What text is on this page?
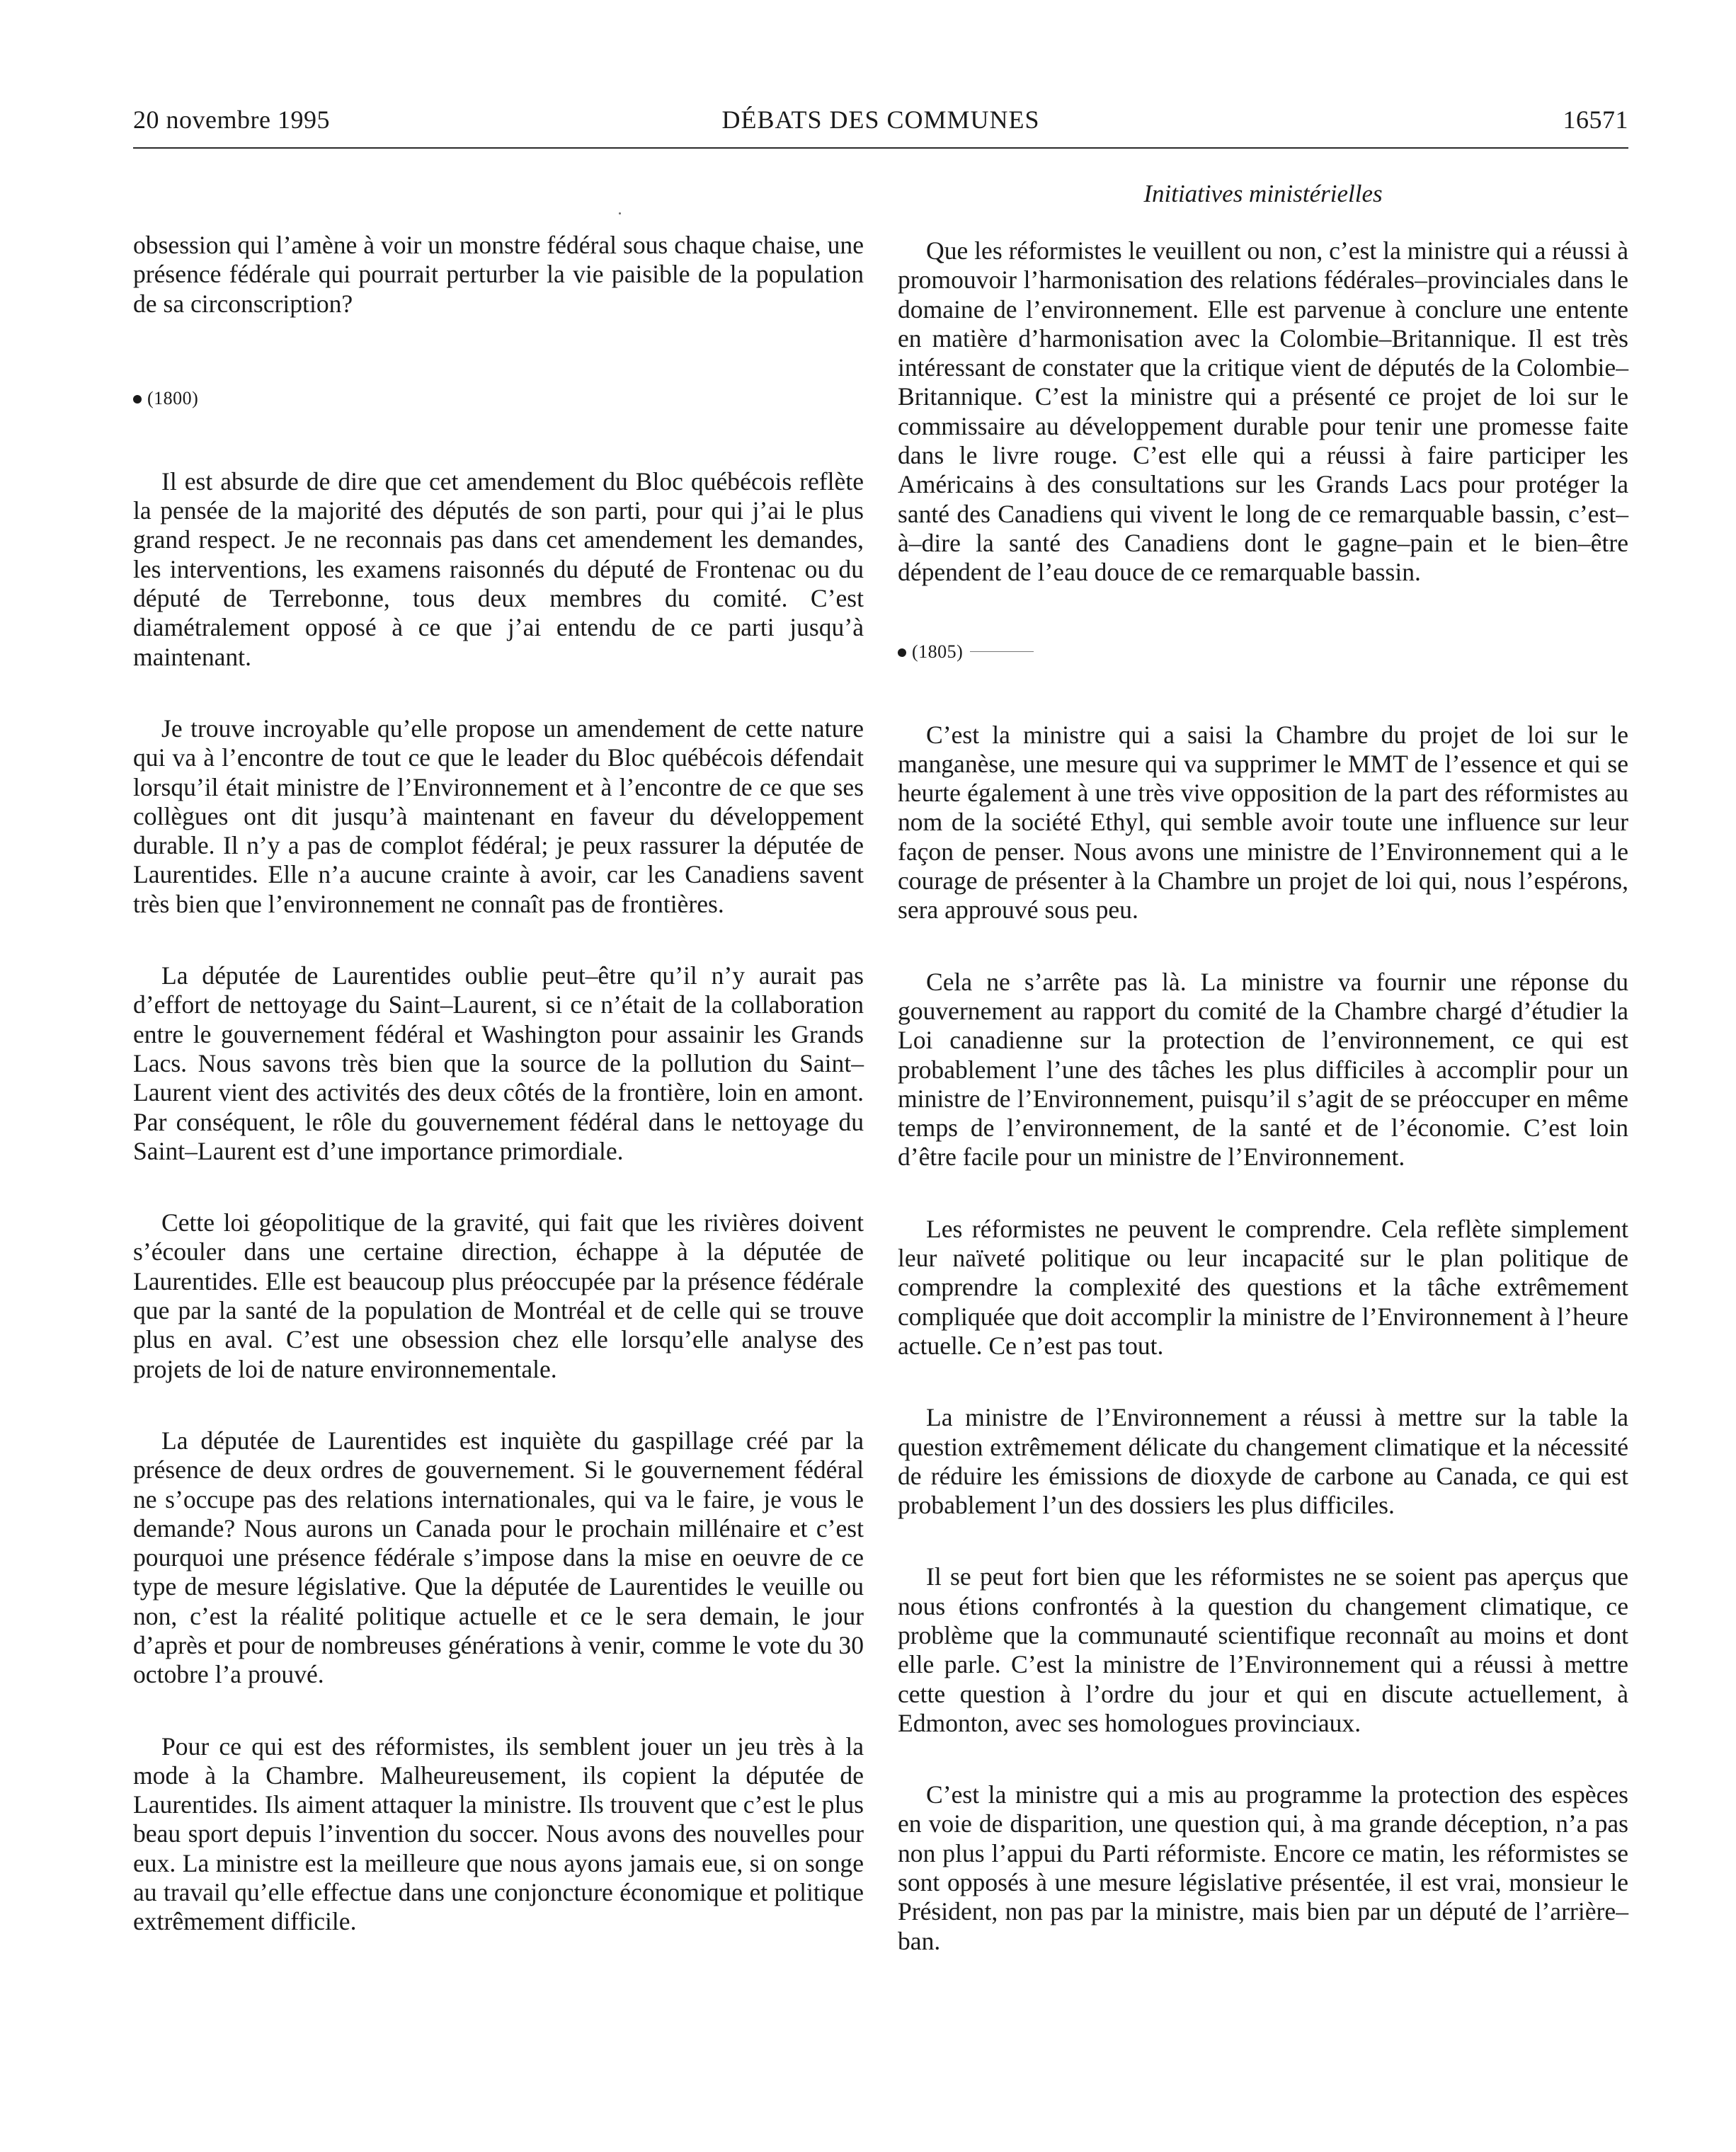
20 novembre 1995	DÉBATS DES COMMUNES	16571
Initiatives ministérielles

obsession qui l’amène à voir un monstre fédéral sous chaque chaise, une présence fédérale qui pourrait perturber la vie paisible de la population de sa circonscription?

(1800)

Il est absurde de dire que cet amendement du Bloc québécois reflète la pensée de la majorité des députés de son parti, pour qui j’ai le plus grand respect. Je ne reconnais pas dans cet amendement les demandes, les interventions, les examens raisonnés du député de Frontenac ou du député de Terrebonne, tous deux membres du comité. C’est diamétralement opposé à ce que j’ai entendu de ce parti jusqu’à maintenant.

Je trouve incroyable qu’elle propose un amendement de cette nature qui va à l’encontre de tout ce que le leader du Bloc québécois défendait lorsqu’il était ministre de l’Environnement et à l’encontre de ce que ses collègues ont dit jusqu’à maintenant en faveur du développement durable. Il n’y a pas de complot fédéral; je peux rassurer la députée de Laurentides. Elle n’a aucune crainte à avoir, car les Canadiens savent très bien que l’environnement ne connaît pas de frontières.

La députée de Laurentides oublie peut–être qu’il n’y aurait pas d’effort de nettoyage du Saint–Laurent, si ce n’était de la collaboration entre le gouvernement fédéral et Washington pour assainir les Grands Lacs. Nous savons très bien que la source de la pollution du Saint–Laurent vient des activités des deux côtés de la frontière, loin en amont. Par conséquent, le rôle du gouvernement fédéral dans le nettoyage du Saint–Laurent est d’une importance primordiale.

Cette loi géopolitique de la gravité, qui fait que les rivières doivent s’écouler dans une certaine direction, échappe à la députée de Laurentides. Elle est beaucoup plus préoccupée par la présence fédérale que par la santé de la population de Montréal et de celle qui se trouve plus en aval. C’est une obsession chez elle lorsqu’elle analyse des projets de loi de nature environnementale.

La députée de Laurentides est inquiète du gaspillage créé par la présence de deux ordres de gouvernement. Si le gouvernement fédéral ne s’occupe pas des relations internationales, qui va le faire, je vous le demande? Nous aurons un Canada pour le prochain millénaire et c’est pourquoi une présence fédérale s’impose dans la mise en oeuvre de ce type de mesure législative. Que la députée de Laurentides le veuille ou non, c’est la réalité politique actuelle et ce le sera demain, le jour d’après et pour de nombreuses générations à venir, comme le vote du 30 octobre l’a prouvé.

Pour ce qui est des réformistes, ils semblent jouer un jeu très à la mode à la Chambre. Malheureusement, ils copient la députée de Laurentides. Ils aiment attaquer la ministre. Ils trouvent que c’est le plus beau sport depuis l’invention du soccer. Nous avons des nouvelles pour eux. La ministre est la meilleure que nous ayons jamais eue, si on songe au travail qu’elle effectue dans une conjoncture économique et politique extrêmement difficile.

Que les réformistes le veuillent ou non, c’est la ministre qui a réussi à promouvoir l’harmonisation des relations fédérales–provinciales dans le domaine de l’environnement. Elle est parvenue à conclure une entente en matière d’harmonisation avec la Colombie–Britannique. Il est très intéressant de constater que la critique vient de députés de la Colombie–Britannique. C’est la ministre qui a présenté ce projet de loi sur le commissaire au développement durable pour tenir une promesse faite dans le livre rouge. C’est elle qui a réussi à faire participer les Américains à des consultations sur les Grands Lacs pour protéger la santé des Canadiens qui vivent le long de ce remarquable bassin, c’est–à–dire la santé des Canadiens dont le gagne–pain et le bien–être dépendent de l’eau douce de ce remarquable bassin.

(1805)

C’est la ministre qui a saisi la Chambre du projet de loi sur le manganèse, une mesure qui va supprimer le MMT de l’essence et qui se heurte également à une très vive opposition de la part des réformistes au nom de la société Ethyl, qui semble avoir toute une influence sur leur façon de penser. Nous avons une ministre de l’Environnement qui a le courage de présenter à la Chambre un projet de loi qui, nous l’espérons, sera approuvé sous peu.

Cela ne s’arrête pas là. La ministre va fournir une réponse du gouvernement au rapport du comité de la Chambre chargé d’étudier la Loi canadienne sur la protection de l’environnement, ce qui est probablement l’une des tâches les plus difficiles à accomplir pour un ministre de l’Environnement, puisqu’il s’agit de se préoccuper en même temps de l’environnement, de la santé et de l’économie. C’est loin d’être facile pour un ministre de l’Environnement.

Les réformistes ne peuvent le comprendre. Cela reflète simplement leur naïveté politique ou leur incapacité sur le plan politique de comprendre la complexité des questions et la tâche extrêmement compliquée que doit accomplir la ministre de l’Environnement à l’heure actuelle. Ce n’est pas tout.

La ministre de l’Environnement a réussi à mettre sur la table la question extrêmement délicate du changement climatique et la nécessité de réduire les émissions de dioxyde de carbone au Canada, ce qui est probablement l’un des dossiers les plus difficiles.

Il se peut fort bien que les réformistes ne se soient pas aperçus que nous étions confrontés à la question du changement climatique, ce problème que la communauté scientifique reconnaît au moins et dont elle parle. C’est la ministre de l’Environnement qui a réussi à mettre cette question à l’ordre du jour et qui en discute actuellement, à Edmonton, avec ses homologues provinciaux.

C’est la ministre qui a mis au programme la protection des espèces en voie de disparition, une question qui, à ma grande déception, n’a pas non plus l’appui du Parti réformiste. Encore ce matin, les réformistes se sont opposés à une mesure législative présentée, il est vrai, monsieur le Président, non pas par la ministre, mais bien par un député de l’arrière–ban.
